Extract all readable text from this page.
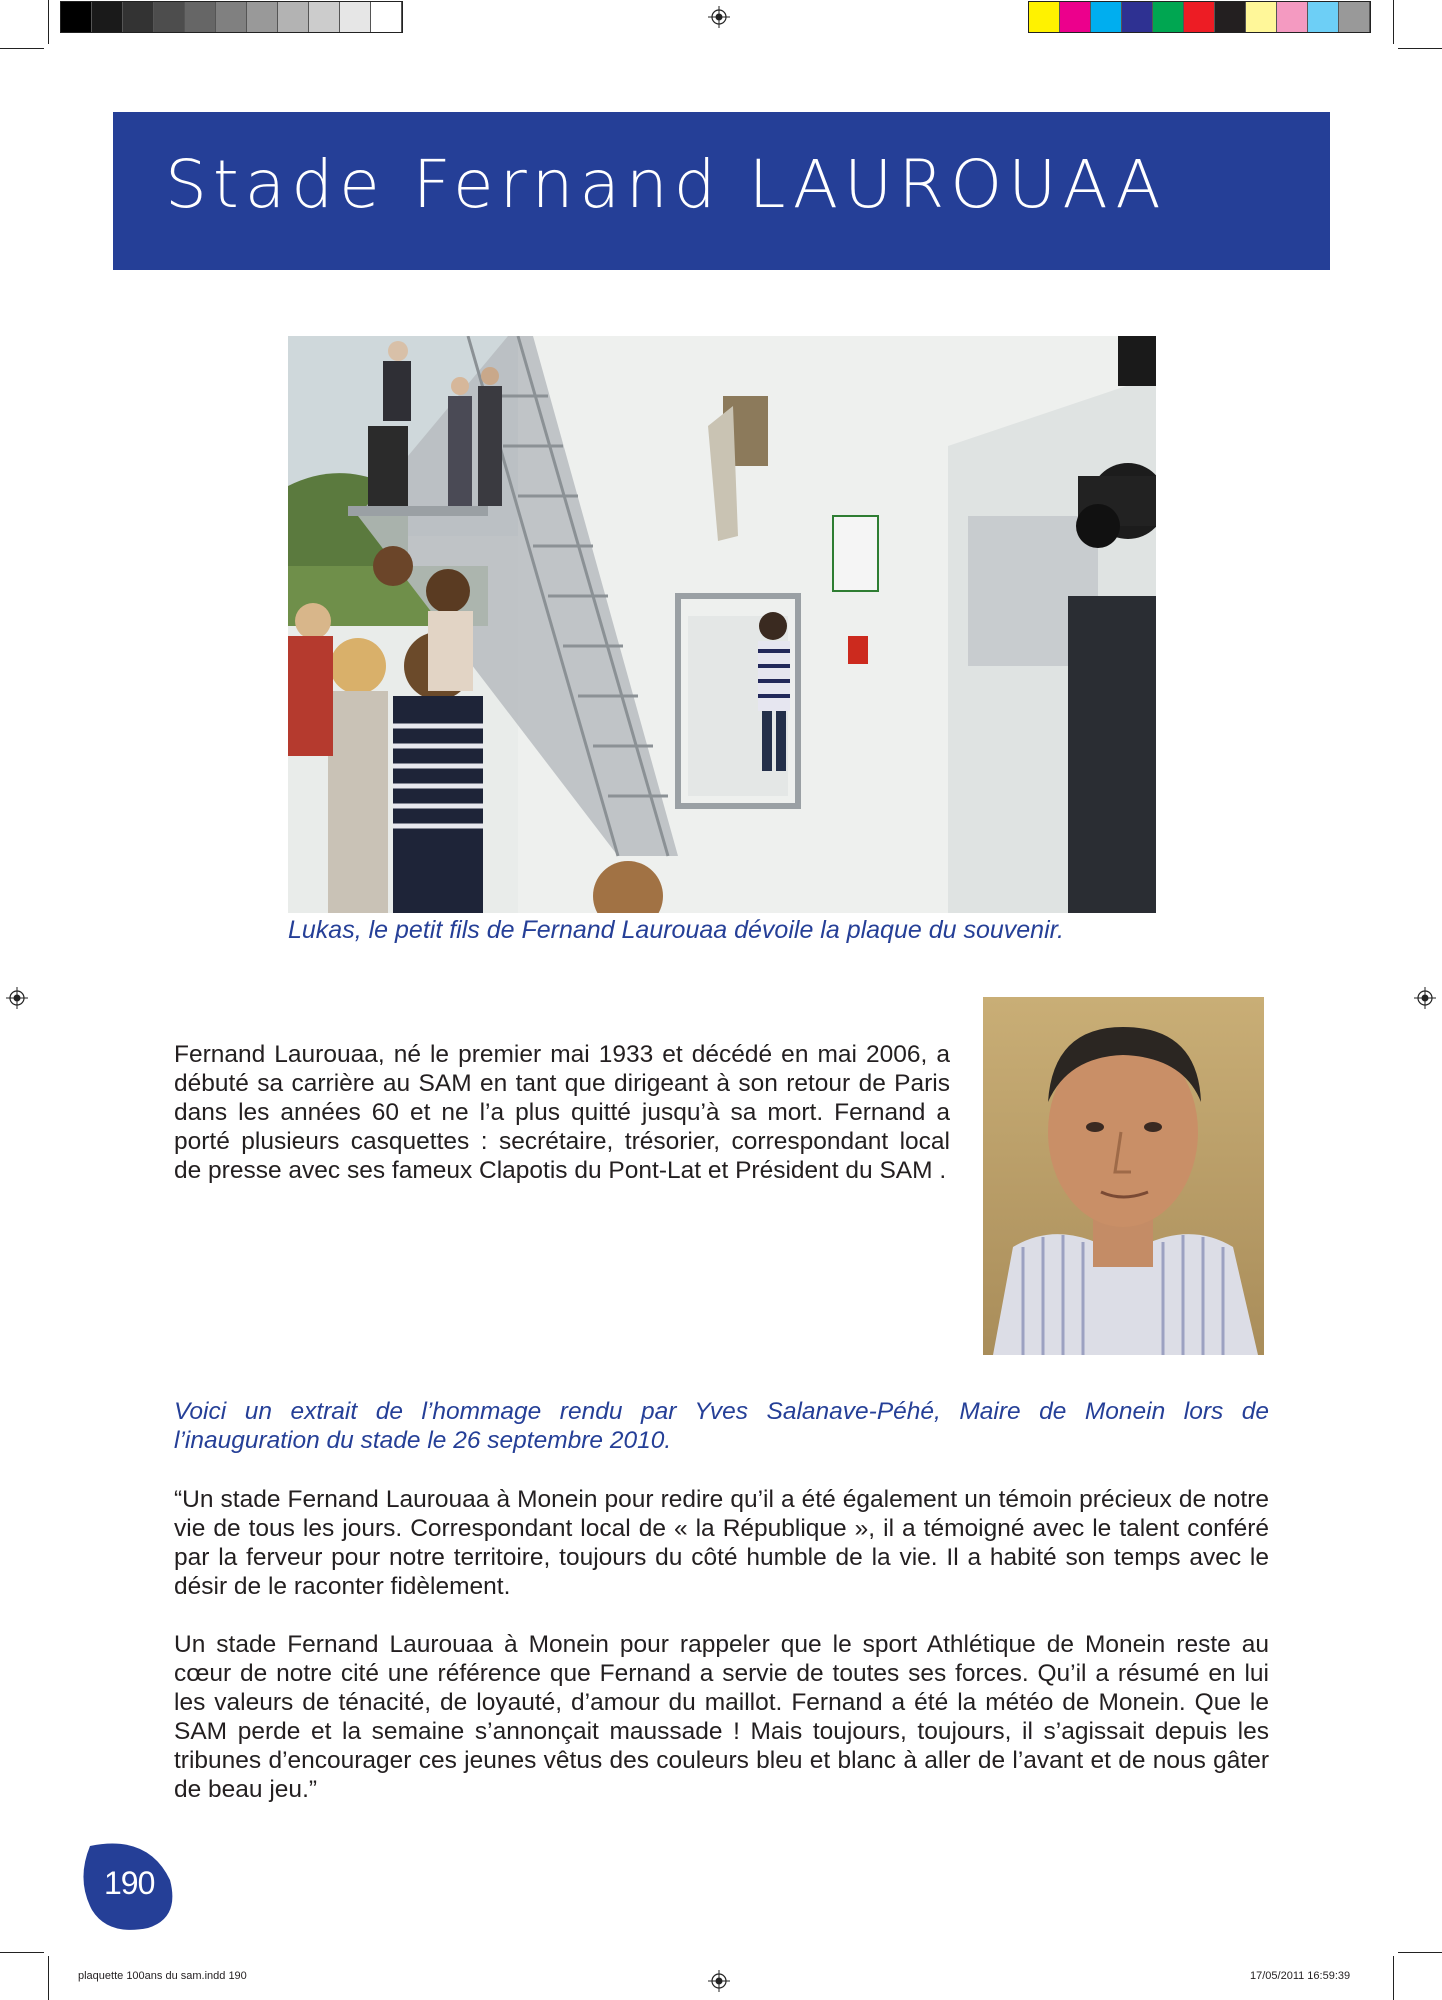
Stade Fernand LAUROUAA
Lukas, le petit fils de Fernand Laurouaa dévoile la plaque du souvenir.
Fernand Laurouaa, né le premier mai 1933 et décédé en mai 2006, a débuté sa carrière au SAM en tant que dirigeant à son retour de Paris dans les années 60 et ne l’a plus quitté jusqu’à sa mort. Fernand a porté plusieurs casquettes : secrétaire, trésorier, correspondant local de presse avec ses fameux Clapotis du Pont-Lat et Président du SAM .
Voici un extrait de l’hommage rendu par Yves Salanave-Péhé, Maire de Monein lors de l’inauguration du stade le 26 septembre 2010.
“Un stade Fernand Laurouaa à Monein pour redire qu’il a été également un témoin précieux de notre vie de tous les jours. Correspondant local de « la République », il a témoigné avec le talent conféré par la ferveur pour notre territoire, toujours du côté humble de la vie. Il a habité son temps avec le désir de le raconter fidèlement.
Un stade Fernand Laurouaa à Monein pour rappeler que le sport Athlétique de Monein reste au cœur de notre cité une référence que Fernand a servie de toutes ses forces. Qu’il a résumé en lui les valeurs de ténacité, de loyauté, d’amour du maillot. Fernand a été la météo de Monein. Que le SAM perde et la semaine s’annonçait maussade ! Mais toujours, toujours, il s’agissait depuis les tribunes d’encourager ces jeunes vêtus des couleurs bleu et blanc à aller de l’avant et de nous gâter de beau jeu.”
190
plaquette 100ans du sam.indd 190	17/05/2011 16:59:39
